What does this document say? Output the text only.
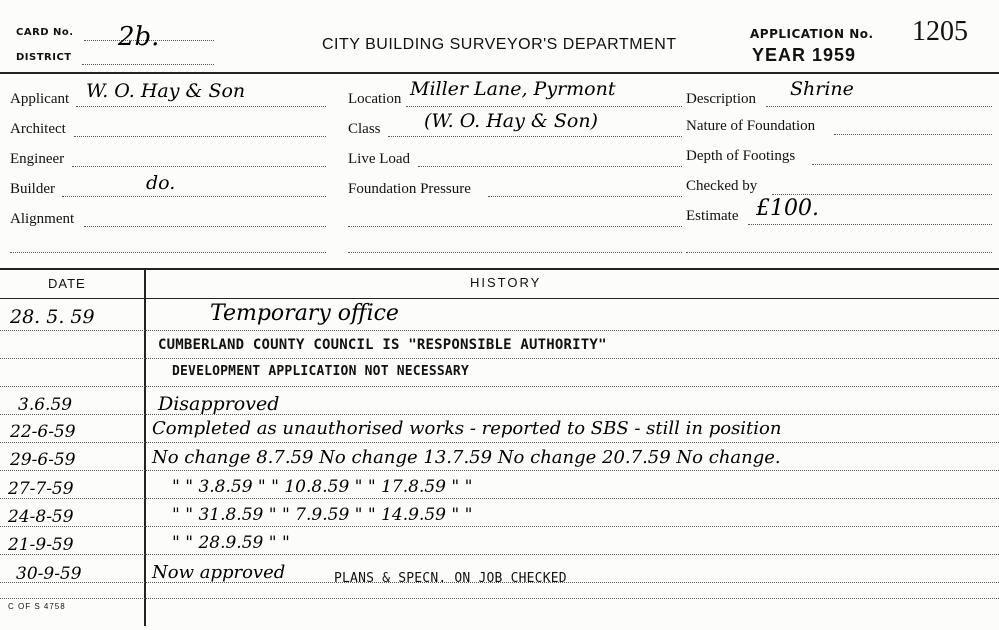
CARD No. 2b.
DISTRICT
CITY BUILDING SURVEYOR'S DEPARTMENT
APPLICATION No. 1205
YEAR 1959
Applicant W. O. Hay & Son
Architect
Engineer
Builder	do.
Alignment
Location Miller Lane, Pyrmont
Class (W. O. Hay & Son)
Live Load
Foundation Pressure
Description Shrine
Nature of Foundation
Depth of Footings
Checked by
Estimate £100.
DATE	HISTORY
28. 5. 59	Temporary office
CUMBERLAND COUNTY COUNCIL IS "RESPONSIBLE AUTHORITY"
DEVELOPMENT APPLICATION NOT NECESSARY
3.6.59	Disapproved
22-6-59	Completed as unauthorised works - reported to SBS - still in position
29-6-59	No change 8.7.59 No change 13.7.59 No change 20.7.59 No change.
27-7-59	" " 3.8.59 " " 10.8.59 " " 17.8.59 " "
24-8-59	" " 31.8.59 " " 7.9.59 " " 14.9.59 " "
21-9-59	" " 28.9.59 " "
30-9-59	Now approved	PLANS & SPECN. ON JOB CHECKED
C OF S 4758
